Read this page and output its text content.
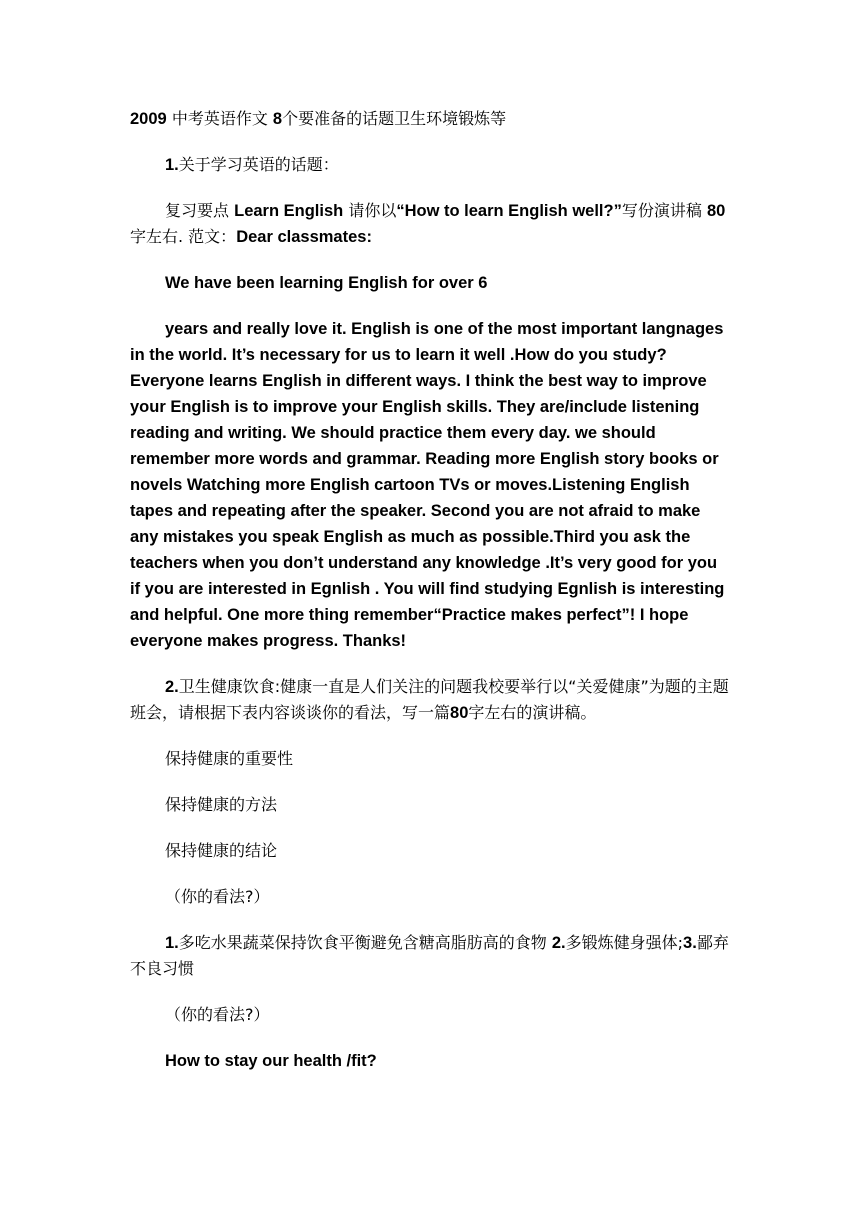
2009 中考英语作文 8个要准备的话题卫生环境锻炼等

1.关于学习英语的话题：

复习要点 Learn English 请你以“How to learn English well?”写份演讲稿 80 字左右. 范文：Dear classmates:

We have been learning English for over 6

years and really love it. English is one of the most important langnages in the world. It’s necessary for us to learn it well .How do you study? Everyone learns English in different ways. I think the best way to improve your English is to improve your English skills. They are/include listening reading and writing. We should practice them every day. we should remember more words and grammar. Reading more English story books or novels Watching more English cartoon TVs or moves.Listening English tapes and repeating after the speaker. Second you are not afraid to make any mistakes you speak English as much as possible.Third you ask the teachers when you don’t understand any knowledge .It’s very good for you if you are interested in Egnlish . You will find studying Egnlish is interesting and helpful. One more thing remember“Practice makes perfect”! I hope everyone makes progress. Thanks!

2.卫生健康饮食:健康一直是人们关注的问题我校要举行以“关爱健康”为题的主题班会，请根据下表内容谈谈你的看法，写一篇80字左右的演讲稿。

保持健康的重要性

保持健康的方法

保持健康的结论

（你的看法?）

1.多吃水果蔬菜保持饮食平衡避免含糖高脂肪高的食物 2.多锻炼健身强体;3.鄙弃不良习惯

（你的看法?）

How to stay our health /fit?
